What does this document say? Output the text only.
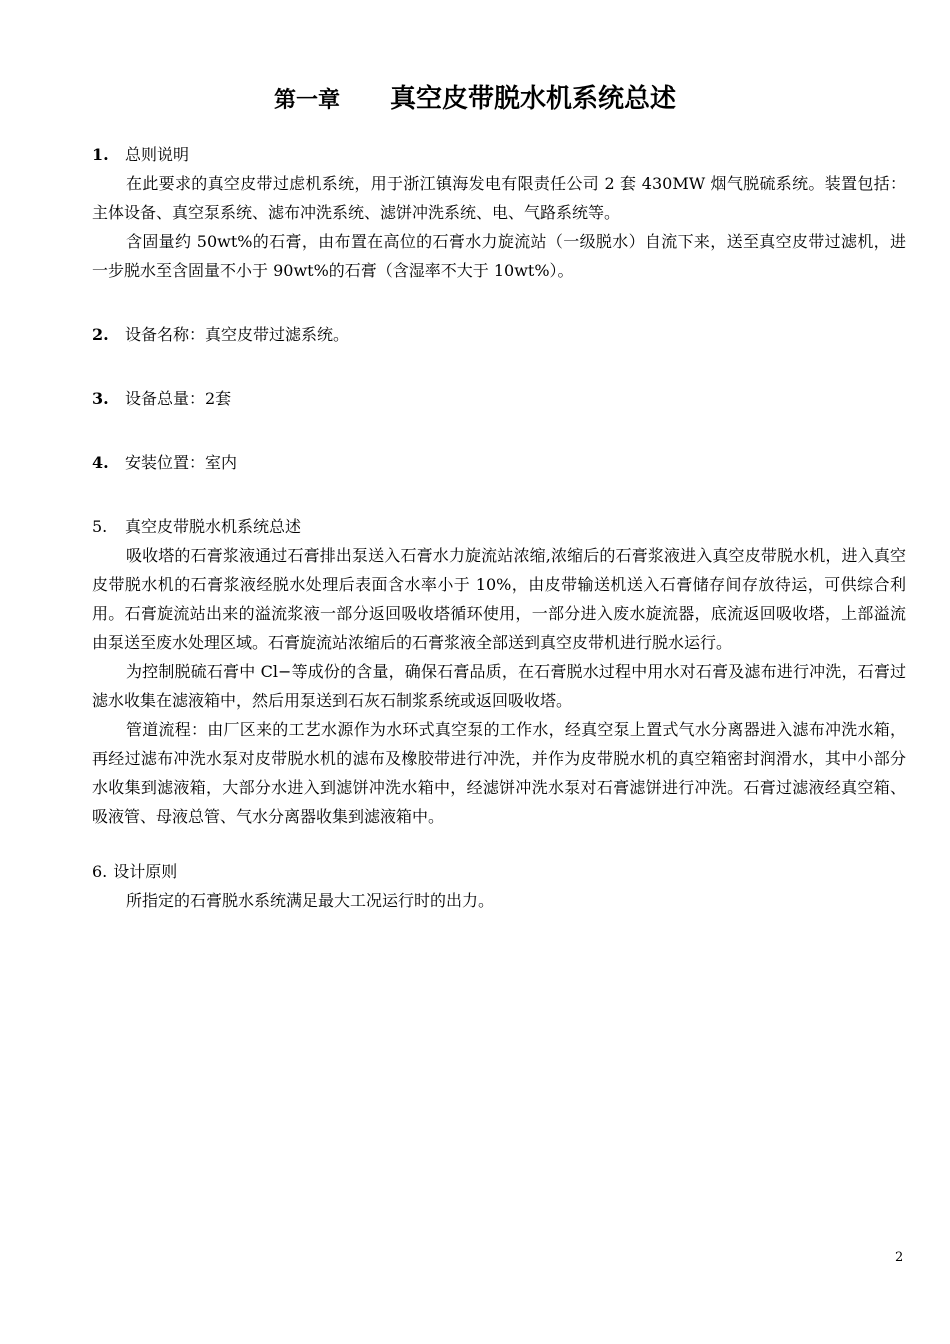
第一章 真空皮带脱水机系统总述
1. 总则说明

在此要求的真空皮带过虑机系统，用于浙江镇海发电有限责任公司 2 套 430MW 烟气脱硫系统。装置包括：主体设备、真空泵系统、滤布冲洗系统、滤饼冲洗系统、电、气路系统等。

含固量约 50wt%的石膏，由布置在高位的石膏水力旋流站（一级脱水）自流下来，送至真空皮带过滤机，进一步脱水至含固量不小于 90wt%的石膏（含湿率不大于 10wt%）。

2. 设备名称：真空皮带过滤系统。
3. 设备总量：2套
4. 安装位置：室内
5. 真空皮带脱水机系统总述

吸收塔的石膏浆液通过石膏排出泵送入石膏水力旋流站浓缩,浓缩后的石膏浆液进入真空皮带脱水机，进入真空皮带脱水机的石膏浆液经脱水处理后表面含水率小于 10%，由皮带输送机送入石膏储存间存放待运，可供综合利用。石膏旋流站出来的溢流浆液一部分返回吸收塔循环使用，一部分进入废水旋流器，底流返回吸收塔，上部溢流由泵送至废水处理区域。石膏旋流站浓缩后的石膏浆液全部送到真空皮带机进行脱水运行。

为控制脱硫石膏中 Cl−等成份的含量，确保石膏品质，在石膏脱水过程中用水对石膏及滤布进行冲洗，石膏过滤水收集在滤液箱中，然后用泵送到石灰石制浆系统或返回吸收塔。

管道流程：由厂区来的工艺水源作为水环式真空泵的工作水，经真空泵上置式气水分离器进入滤布冲洗水箱，再经过滤布冲洗水泵对皮带脱水机的滤布及橡胶带进行冲洗，并作为皮带脱水机的真空箱密封润滑水，其中小部分水收集到滤液箱，大部分水进入到滤饼冲洗水箱中，经滤饼冲洗水泵对石膏滤饼进行冲洗。石膏过滤液经真空箱、吸液管、母液总管、气水分离器收集到滤液箱中。

6. 设计原则

所指定的石膏脱水系统满足最大工况运行时的出力。

2
